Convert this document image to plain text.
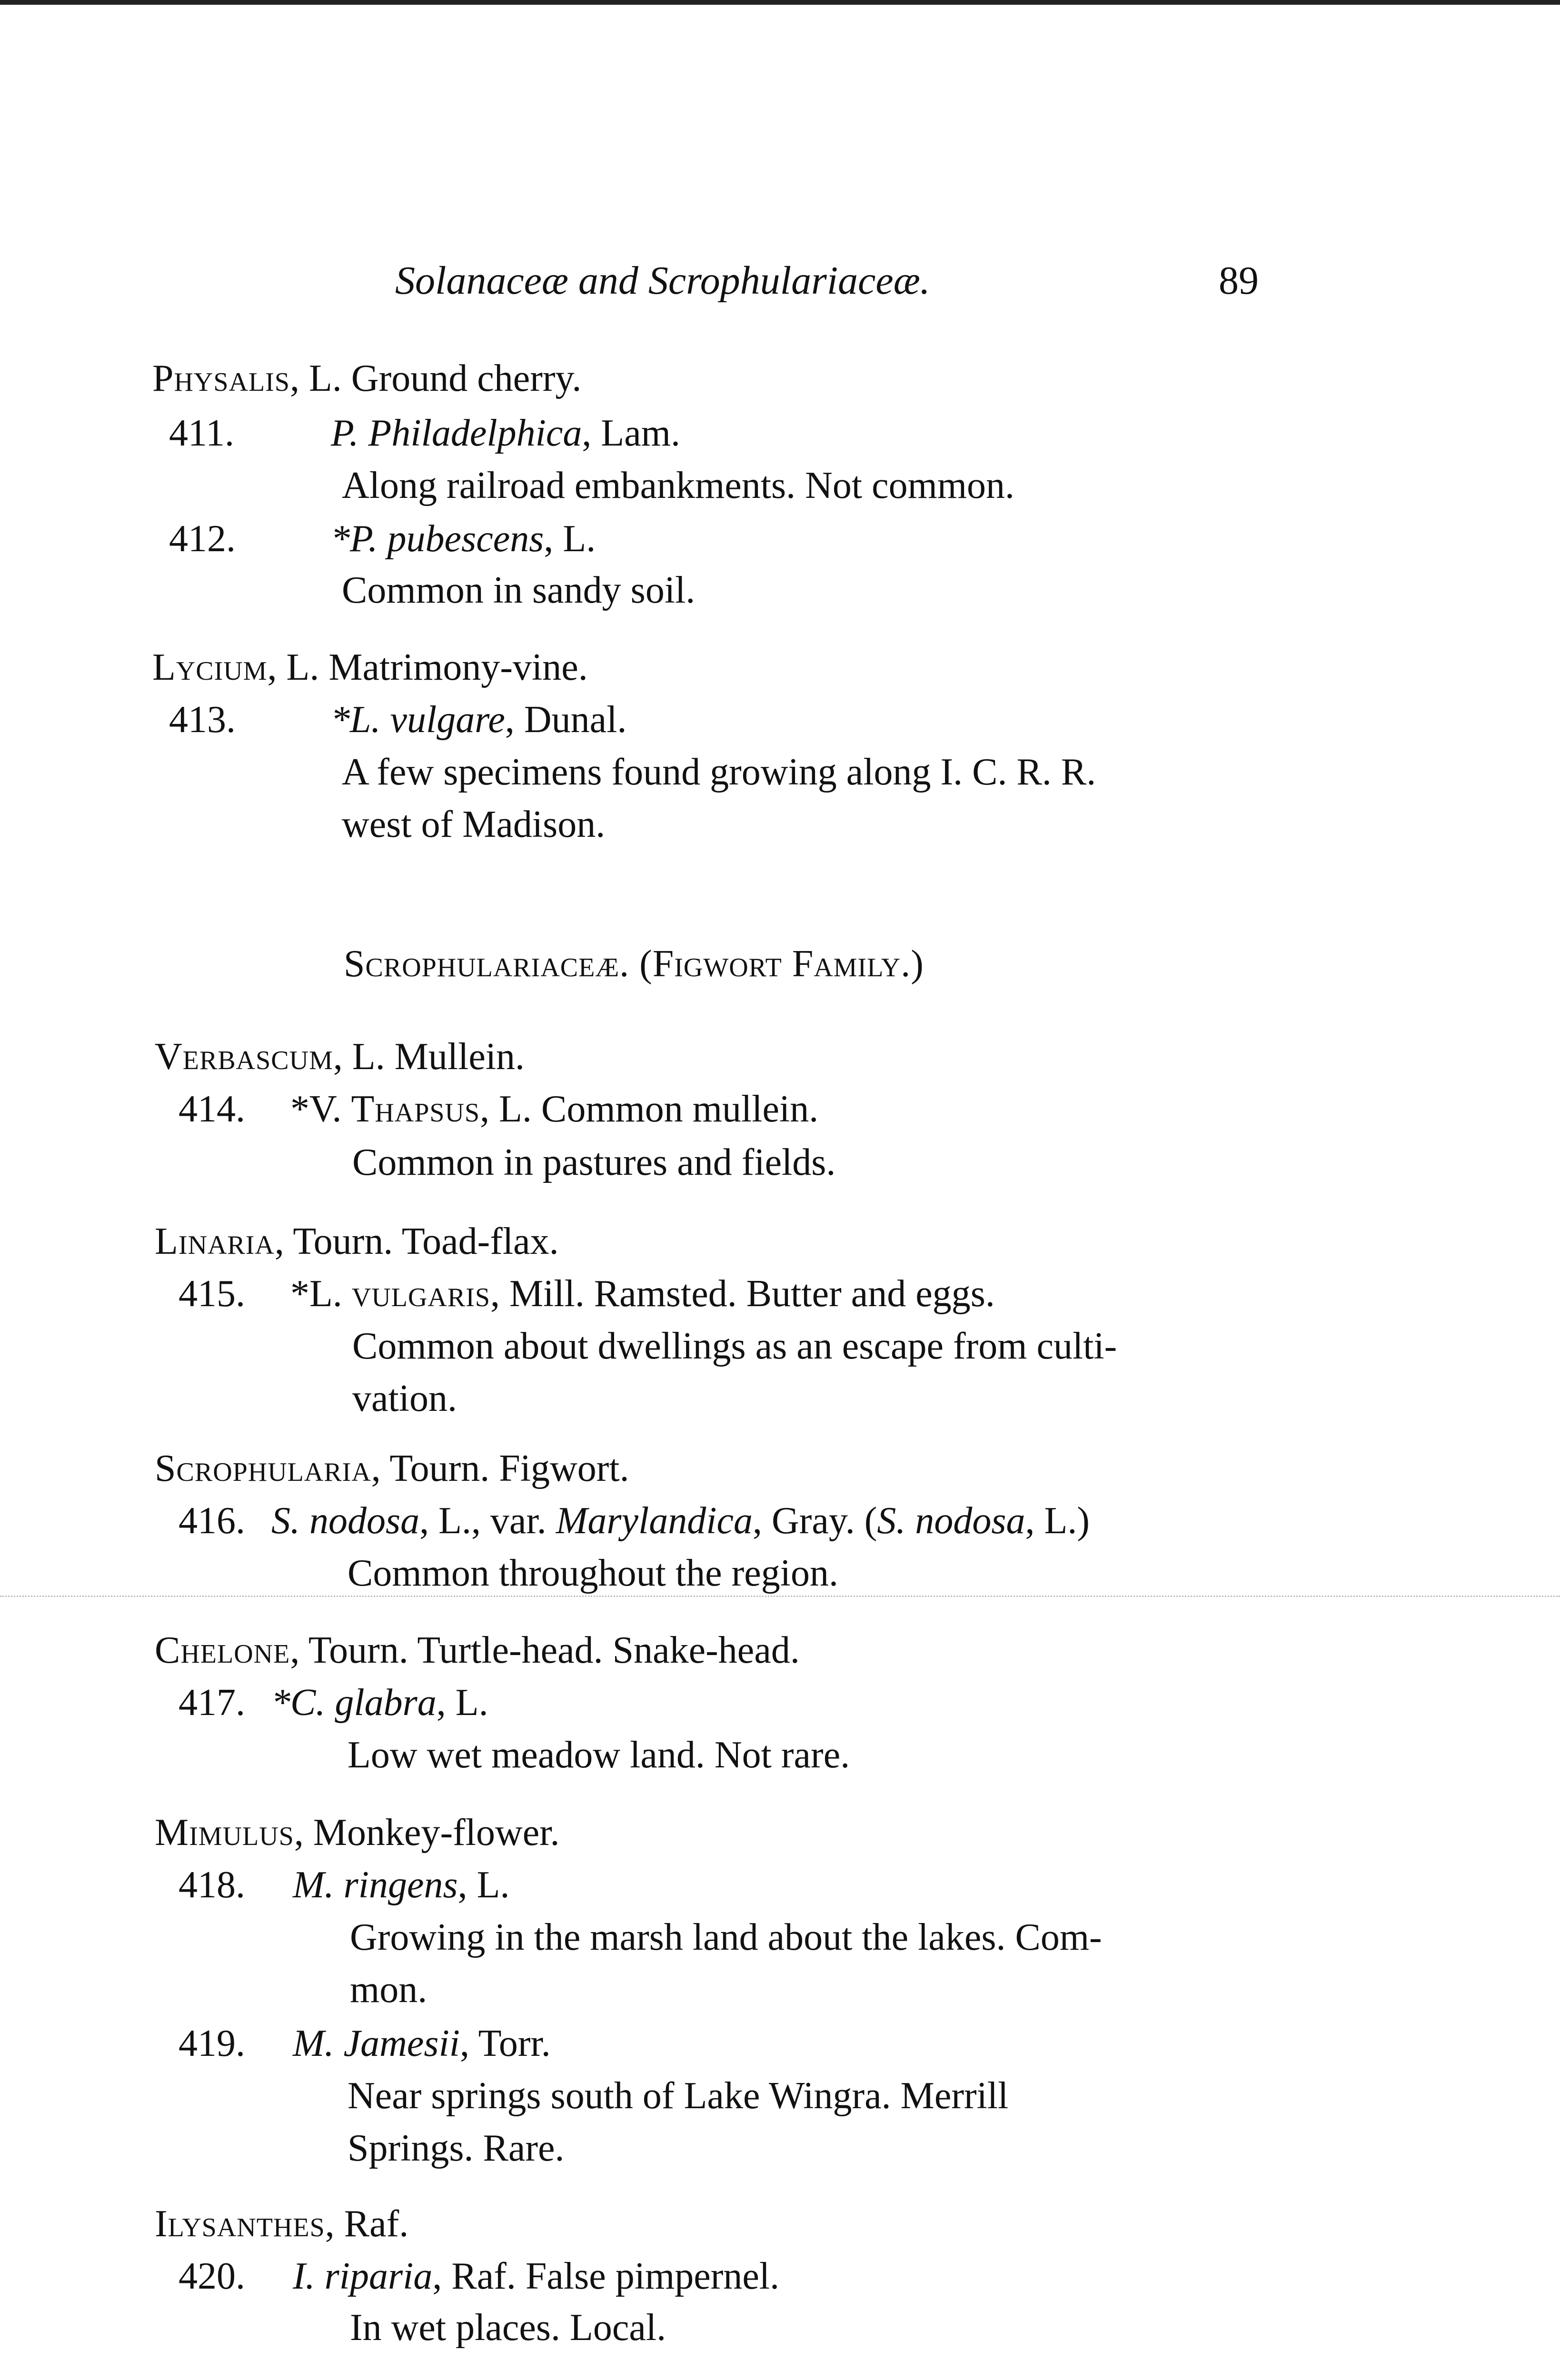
Solanaceæ and Scrophulariaceæ.	89
Physalis, L. Ground cherry.
411.	P. Philadelphica, Lam.
Along railroad embankments. Not common.
412.	*P. pubescens, L.
Common in sandy soil.
Lycium, L. Matrimony-vine.
413.	*L. vulgare, Dunal.
A few specimens found growing along I. C. R. R.
west of Madison.
Scrophulariaceæ. (Figwort Family.)
Verbascum, L. Mullein.
414. *V. Thapsus, L. Common mullein.
Common in pastures and fields.
Linaria, Tourn. Toad-flax.
415. *L. vulgaris, Mill. Ramsted. Butter and eggs.
Common about dwellings as an escape from culti-
vation.
Scrophularia, Tourn. Figwort.
416. S. nodosa, L., var. Marylandica, Gray. (S. nodosa, L.)
Common throughout the region.
Chelone, Tourn. Turtle-head. Snake-head.
417. *C. glabra, L.
Low wet meadow land. Not rare.
Mimulus, Monkey-flower.
418. M. ringens, L.
Growing in the marsh land about the lakes. Com-
mon.
419. M. Jamesii, Torr.
Near springs south of Lake Wingra. Merrill
Springs. Rare.
Ilysanthes, Raf.
420. I. riparia, Raf. False pimpernel.
In wet places. Local.
